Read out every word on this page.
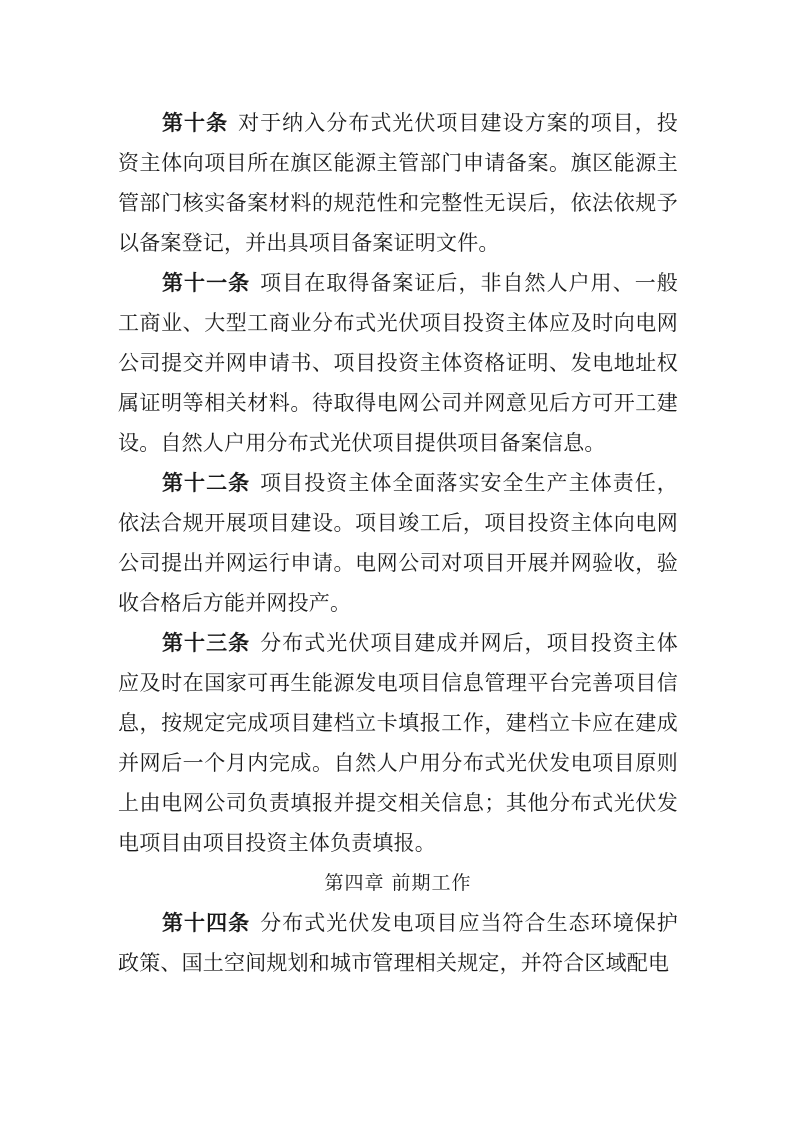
第十条 对于纳入分布式光伏项目建设方案的项目，投资主体向项目所在旗区能源主管部门申请备案。旗区能源主管部门核实备案材料的规范性和完整性无误后，依法依规予以备案登记，并出具项目备案证明文件。

第十一条 项目在取得备案证后，非自然人户用、一般工商业、大型工商业分布式光伏项目投资主体应及时向电网公司提交并网申请书、项目投资主体资格证明、发电地址权属证明等相关材料。待取得电网公司并网意见后方可开工建设。自然人户用分布式光伏项目提供项目备案信息。

第十二条 项目投资主体全面落实安全生产主体责任，依法合规开展项目建设。项目竣工后，项目投资主体向电网公司提出并网运行申请。电网公司对项目开展并网验收，验收合格后方能并网投产。

第十三条 分布式光伏项目建成并网后，项目投资主体应及时在国家可再生能源发电项目信息管理平台完善项目信息，按规定完成项目建档立卡填报工作，建档立卡应在建成并网后一个月内完成。自然人户用分布式光伏发电项目原则上由电网公司负责填报并提交相关信息；其他分布式光伏发电项目由项目投资主体负责填报。

第四章 前期工作

第十四条 分布式光伏发电项目应当符合生态环境保护政策、国土空间规划和城市管理相关规定，并符合区域配电
